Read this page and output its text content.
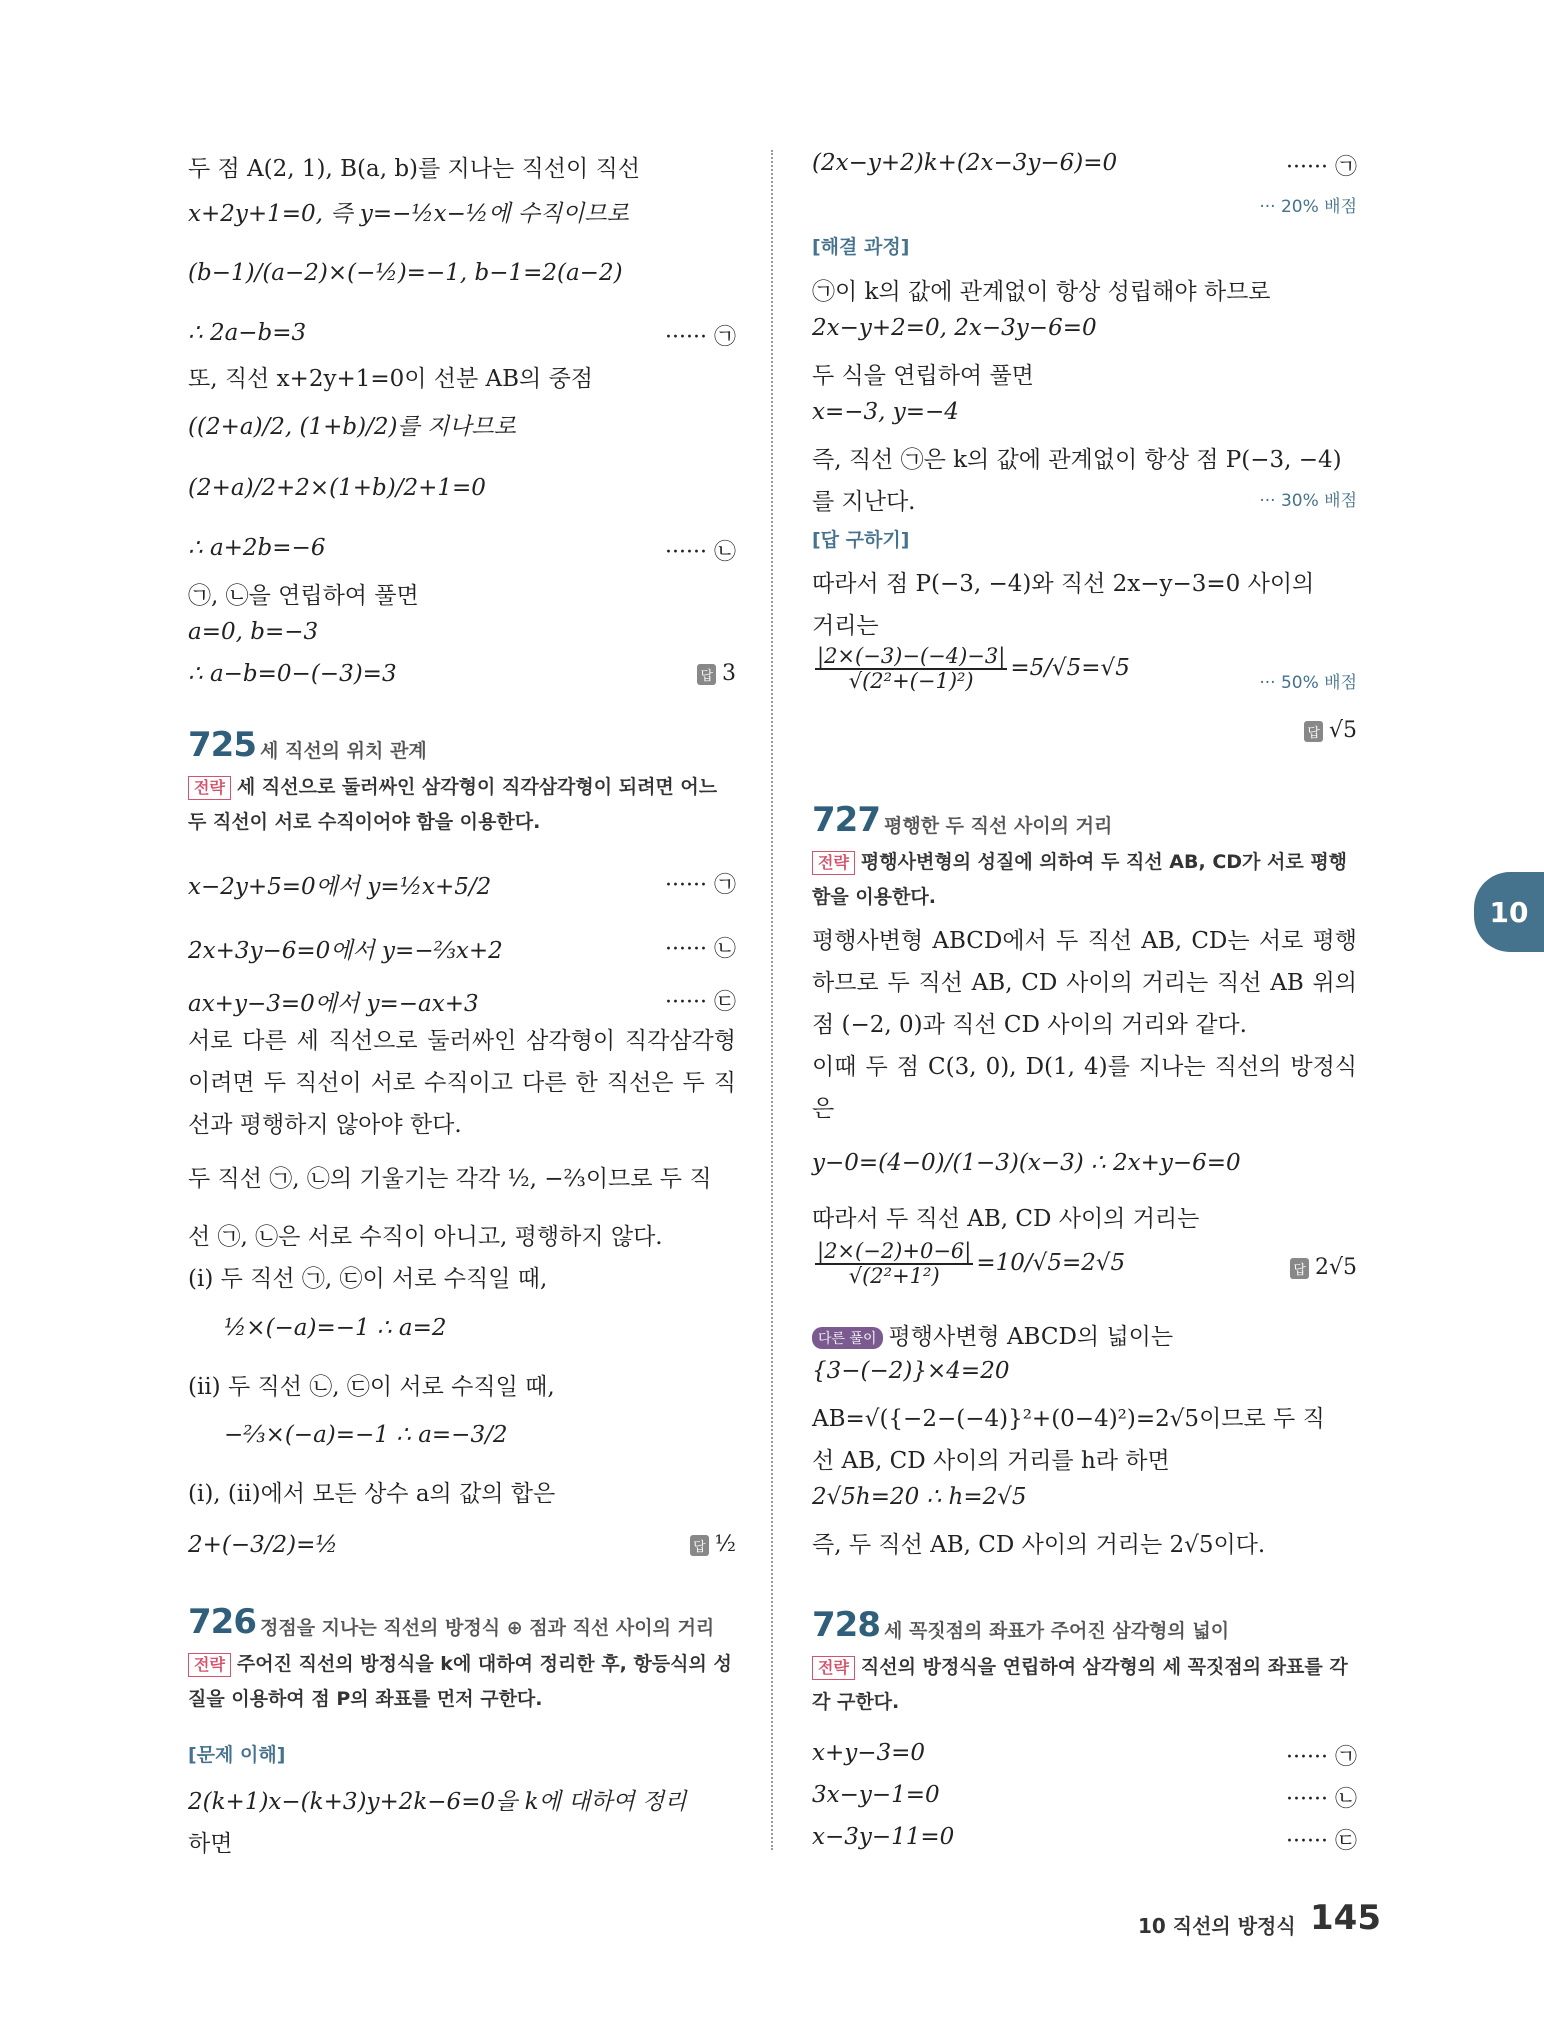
두 점 A(2, 1), B(a, b)를 지나는 직선이 직선
x+2y+1=0, 즉 y=−½x−½에 수직이므로
(b−1)/(a−2)×(−½)=−1, b−1=2(a−2)
∴ 2a−b=3	······ ㉠
또, 직선 x+2y+1=0이 선분 AB의 중점
((2+a)/2, (1+b)/2)를 지나므로
(2+a)/2+2×(1+b)/2+1=0
∴ a+2b=−6	······ ㉡
㉠, ㉡을 연립하여 풀면
a=0, b=−3
∴ a−b=0−(−3)=3	답 3
725 세 직선의 위치 관계
전략 세 직선으로 둘러싸인 삼각형이 직각삼각형이 되려면 어느 두 직선이 서로 수직이어야 함을 이용한다.
x−2y+5=0에서 y=½x+5/2	······ ㉠
2x+3y−6=0에서 y=−⅔x+2	······ ㉡
ax+y−3=0에서 y=−ax+3	······ ㉢
서로 다른 세 직선으로 둘러싸인 삼각형이 직각삼각형이려면 두 직선이 서로 수직이고 다른 한 직선은 두 직선과 평행하지 않아야 한다.
두 직선 ㉠, ㉡의 기울기는 각각 ½, −⅔이므로 두 직
선 ㉠, ㉡은 서로 수직이 아니고, 평행하지 않다.
(i) 두 직선 ㉠, ㉢이 서로 수직일 때,
½×(−a)=−1 ∴ a=2
(ii) 두 직선 ㉡, ㉢이 서로 수직일 때,
−⅔×(−a)=−1 ∴ a=−3/2
(i), (ii)에서 모든 상수 a의 값의 합은
2+(−3/2)=½	답 ½
726 정점을 지나는 직선의 방정식 ⊕ 점과 직선 사이의 거리
전략 주어진 직선의 방정식을 k에 대하여 정리한 후, 항등식의 성질을 이용하여 점 P의 좌표를 먼저 구한다.
[문제 이해]
2(k+1)x−(k+3)y+2k−6=0을 k에 대하여 정리
하면
(2x−y+2)k+(2x−3y−6)=0	······ ㉠
··· 20% 배점
[해결 과정]
㉠이 k의 값에 관계없이 항상 성립해야 하므로
2x−y+2=0, 2x−3y−6=0
두 식을 연립하여 풀면
x=−3, y=−4
즉, 직선 ㉠은 k의 값에 관계없이 항상 점 P(−3, −4)
를 지난다.	··· 30% 배점
[답 구하기]
따라서 점 P(−3, −4)와 직선 2x−y−3=0 사이의
거리는
$\frac{|2\times(-3)-(-4)-3|}{\text{√(2²+(−1)²)}} =5/√5=√5$
··· 50% 배점
답 √5
727 평행한 두 직선 사이의 거리
전략 평행사변형의 성질에 의하여 두 직선 AB, CD가 서로 평행함을 이용한다.
평행사변형 ABCD에서 두 직선 AB, CD는 서로 평행하므로 두 직선 AB, CD 사이의 거리는 직선 AB 위의 점 (−2, 0)과 직선 CD 사이의 거리와 같다.
이때 두 점 C(3, 0), D(1, 4)를 지나는 직선의 방정식은
y−0=(4−0)/(1−3)(x−3) ∴ 2x+y−6=0
따라서 두 직선 AB, CD 사이의 거리는
$\frac{|2\times(-2)+0-6|}{\text{√(2²+1²)}} =10/√5=2√5$	답 2√5
다른 풀이 평행사변형 ABCD의 넓이는
{3−(−2)}×4=20
AB=√({−2−(−4)}²+(0−4)²)=2√5이므로 두 직
선 AB, CD 사이의 거리를 h라 하면
2√5h=20 ∴ h=2√5
즉, 두 직선 AB, CD 사이의 거리는 2√5이다.
728 세 꼭짓점의 좌표가 주어진 삼각형의 넓이
전략 직선의 방정식을 연립하여 삼각형의 세 꼭짓점의 좌표를 각각 구한다.
x+y−3=0	······ ㉠
3x−y−1=0	······ ㉡
x−3y−11=0	······ ㉢
10
10 직선의 방정식 145
